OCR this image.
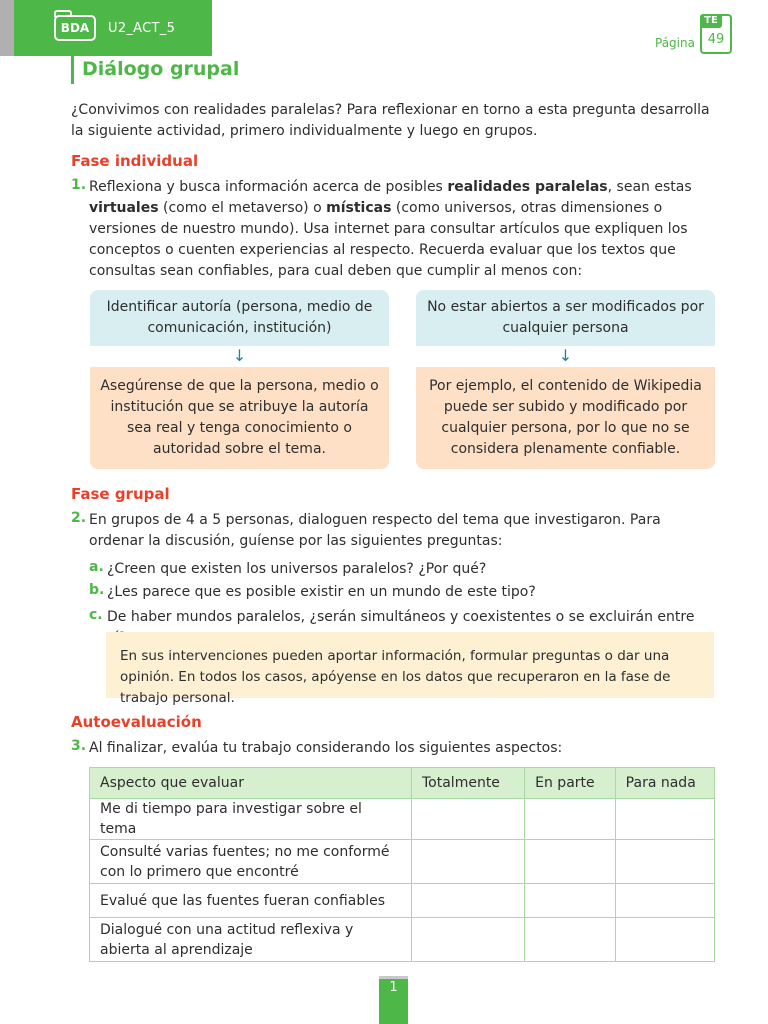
BDA U2_ACT_5
Página
TE
49
Diálogo grupal

¿Convivimos con realidades paralelas? Para reflexionar en torno a esta pregunta desarrolla la siguiente actividad, primero individualmente y luego en grupos.

Fase individual
1. Reflexiona y busca información acerca de posibles realidades paralelas, sean estas virtuales (como el metaverso) o místicas (como universos, otras dimensiones o versiones de nuestro mundo). Usa internet para consultar artículos que expliquen los conceptos o cuenten experiencias al respecto. Recuerda evaluar que los textos que consultas sean confiables, para cual deben que cumplir al menos con:

Identificar autoría (persona, medio de comunicación, institución)
↓
Asegúrense de que la persona, medio o institución que se atribuye la autoría sea real y tenga conocimiento o autoridad sobre el tema.
No estar abiertos a ser modificados por cualquier persona
↓
Por ejemplo, el contenido de Wikipedia puede ser subido y modificado por cualquier persona, por lo que no se considera plenamente confiable.
Fase grupal
2. En grupos de 4 a 5 personas, dialoguen respecto del tema que investigaron. Para ordenar la discusión, guíense por las siguientes preguntas:

a. ¿Creen que existen los universos paralelos? ¿Por qué?

b. ¿Les parece que es posible existir en un mundo de este tipo?

c. De haber mundos paralelos, ¿serán simultáneos y coexistentes o se excluirán entre

En sus intervenciones pueden aportar información, formular preguntas o dar una opinión. En todos los casos, apóyense en los datos que recuperaron en la fase de trabajo personal.
Autoevaluación
3. Al finalizar, evalúa tu trabajo considerando los siguientes aspectos:

Aspecto que evaluar	Totalmente	En parte	Para nada
Me di tiempo para investigar sobre el tema			
Consulté varias fuentes; no me conformé con lo primero que encontré			
Evalué que las fuentes fueran confiables			
Dialogué con una actitud reflexiva y abierta al aprendizaje			
1
